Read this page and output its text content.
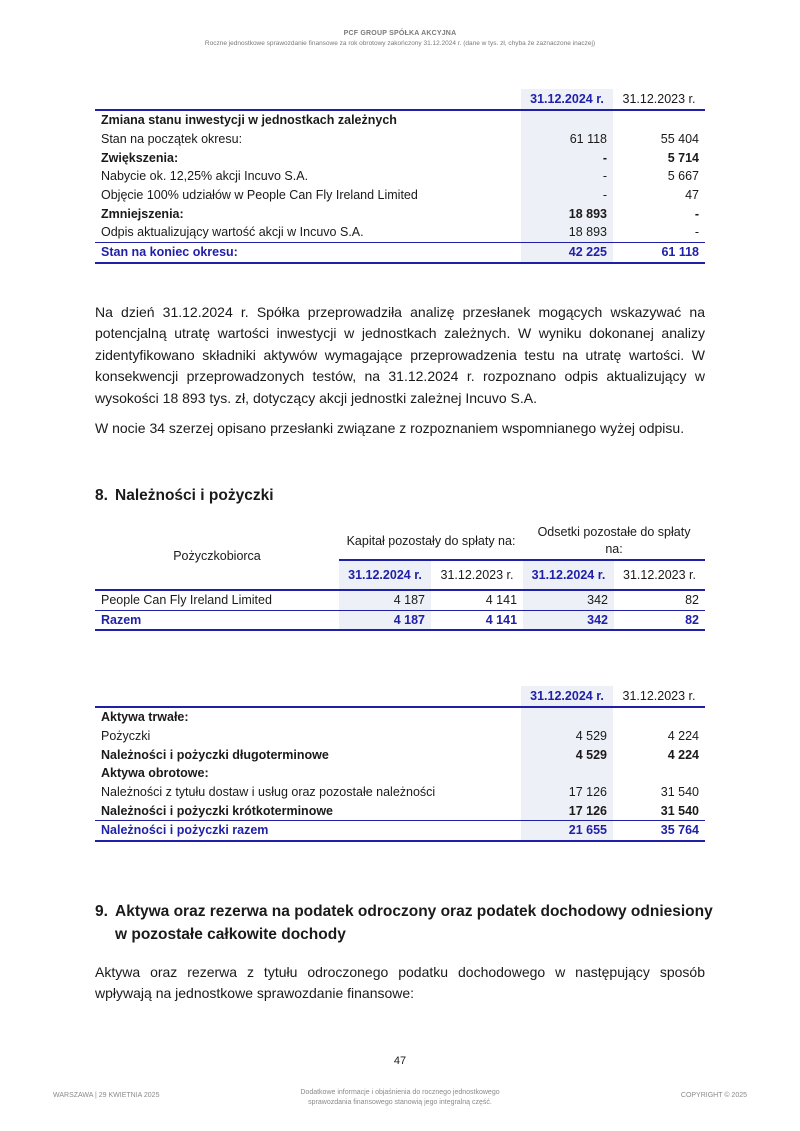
PCF GROUP SPÓŁKA AKCYJNA
Roczne jednostkowe sprawozdanie finansowe za rok obrotowy zakończony 31.12.2024 r. (dane w tys. zł, chyba że zaznaczone inaczej)
	31.12.2024 r.	31.12.2023 r.
Zmiana stanu inwestycji w jednostkach zależnych		
Stan na początek okresu:	61 118	55 404
Zwiększenia:	-	5 714
Nabycie ok. 12,25% akcji Incuvo S.A.	-	5 667
Objęcie 100% udziałów w People Can Fly Ireland Limited	-	47
Zmniejszenia:	18 893	-
Odpis aktualizujący wartość akcji w Incuvo S.A.	18 893	-
Stan na koniec okresu:	42 225	61 118

Na dzień 31.12.2024 r. Spółka przeprowadziła analizę przesłanek mogących wskazywać na potencjalną utratę wartości inwestycji w jednostkach zależnych. W wyniku dokonanej analizy zidentyfikowano składniki aktywów wymagające przeprowadzenia testu na utratę wartości. W konsekwencji przeprowadzonych testów, na 31.12.2024 r. rozpoznano odpis aktualizujący w wysokości 18 893 tys. zł, dotyczący akcji jednostki zależnej Incuvo S.A.

W nocie 34 szerzej opisano przesłanki związane z rozpoznaniem wspomnianego wyżej odpisu.

8. Należności i pożyczki
Pożyczkobiorca	Kapitał pozostały do spłaty na:		Odsetki pozostałe do spłaty na:	
	31.12.2024 r.	31.12.2023 r.	31.12.2024 r.	31.12.2023 r.
People Can Fly Ireland Limited	4 187	4 141	342	82
Razem	4 187	4 141	342	82
	31.12.2024 r.	31.12.2023 r.
Aktywa trwałe:		
Pożyczki	4 529	4 224
Należności i pożyczki długoterminowe	4 529	4 224
Aktywa obrotowe:		
Należności z tytułu dostaw i usług oraz pozostałe należności	17 126	31 540
Należności i pożyczki krótkoterminowe	17 126	31 540
Należności i pożyczki razem	21 655	35 764
9. Aktywa oraz rezerwa na podatek odroczony oraz podatek dochodowy odniesiony
w pozostałe całkowite dochody

Aktywa oraz rezerwa z tytułu odroczonego podatku dochodowego w następujący sposób wpływają na jednostkowe sprawozdanie finansowe:

47
WARSZAWA | 29 KWIETNIA 2025	Dodatkowe informacje i objaśnienia do rocznego jednostkowego
sprawozdania finansowego stanowią jego integralną część.
COPYRIGHT © 2025
